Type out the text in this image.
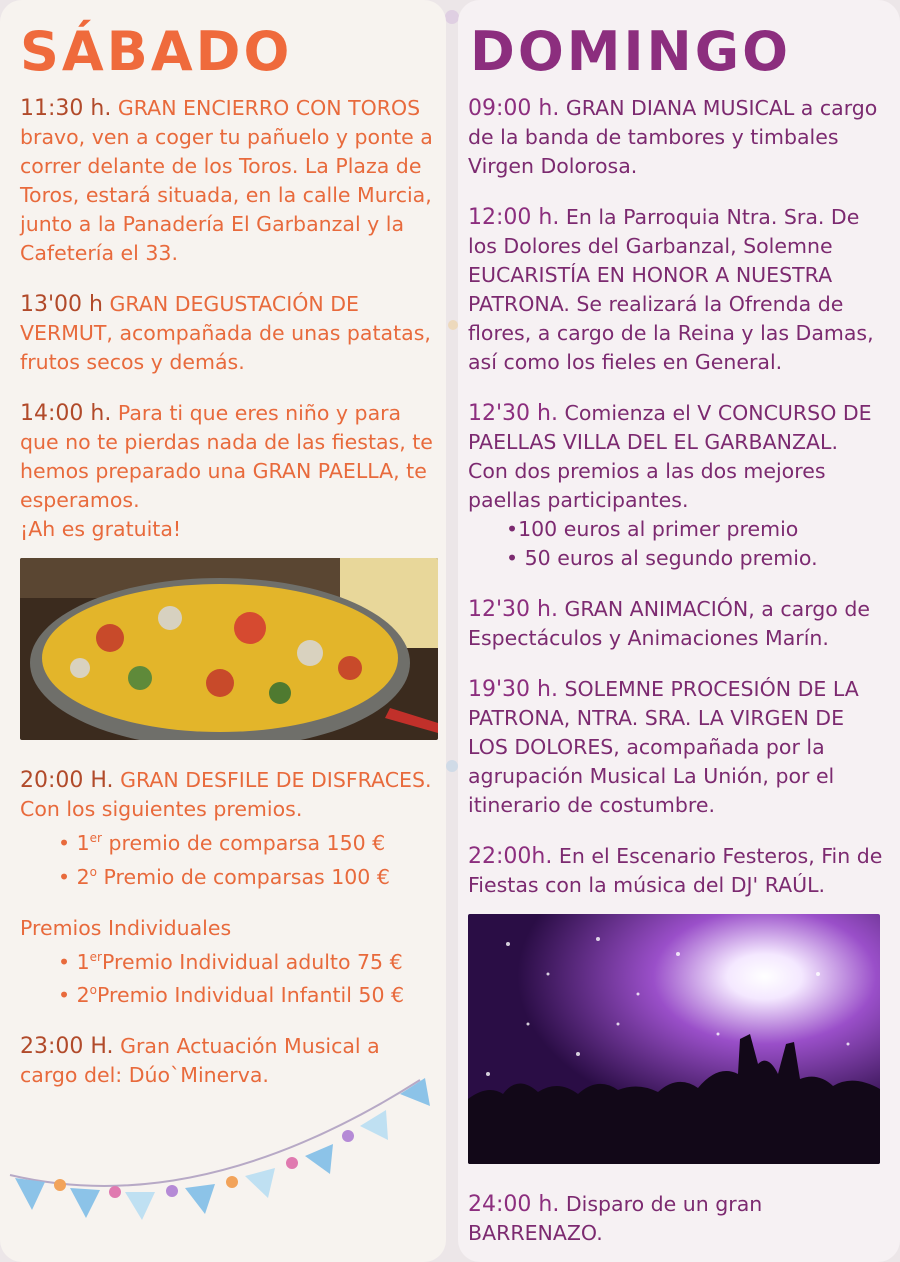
SÁBADO
11:30 h. GRAN ENCIERRO CON TOROS bravo, ven a coger tu pañuelo y ponte a correr delante de los Toros. La Plaza de Toros, estará situada, en la calle Murcia, junto a la Panadería El Garbanzal y la Cafetería el 33.
13'00 h GRAN DEGUSTACIÓN DE VERMUT, acompañada de unas patatas, frutos secos y demás.
14:00 h. Para ti que eres niño y para que no te pierdas nada de las fiestas, te hemos preparado una GRAN PAELLA, te esperamos.
¡Ah es gratuita!
20:00 H. GRAN DESFILE DE DISFRACES.
Con los siguientes premios.
• 1er premio de comparsa 150 €
• 2$^o$ Premio de comparsas 100 €
Premios Individuales
• 1erPremio Individual adulto 75 €
• 2$^o$Premio Individual Infantil 50 €
23:00 H. Gran Actuación Musical a cargo del: Dúo`Minerva.
DOMINGO
09:00 h. GRAN DIANA MUSICAL a cargo de la banda de tambores y timbales Virgen Dolorosa.
12:00 h. En la Parroquia Ntra. Sra. De los Dolores del Garbanzal, Solemne EUCARISTÍA EN HONOR A NUESTRA PATRONA. Se realizará la Ofrenda de flores, a cargo de la Reina y las Damas, así como los fieles en General.
12'30 h. Comienza el V CONCURSO DE PAELLAS VILLA DEL EL GARBANZAL.
Con dos premios a las dos mejores paellas participantes.
•100 euros al primer premio
• 50 euros al segundo premio.
12'30 h. GRAN ANIMACIÓN, a cargo de Espectáculos y Animaciones Marín.
19'30 h. SOLEMNE PROCESIÓN DE LA PATRONA, NTRA. SRA. LA VIRGEN DE LOS DOLORES, acompañada por la agrupación Musical La Unión, por el itinerario de costumbre.
22:00h. En el Escenario Festeros, Fin de Fiestas con la música del DJ' RAÚL.
24:00 h. Disparo de un gran BARRENAZO.
